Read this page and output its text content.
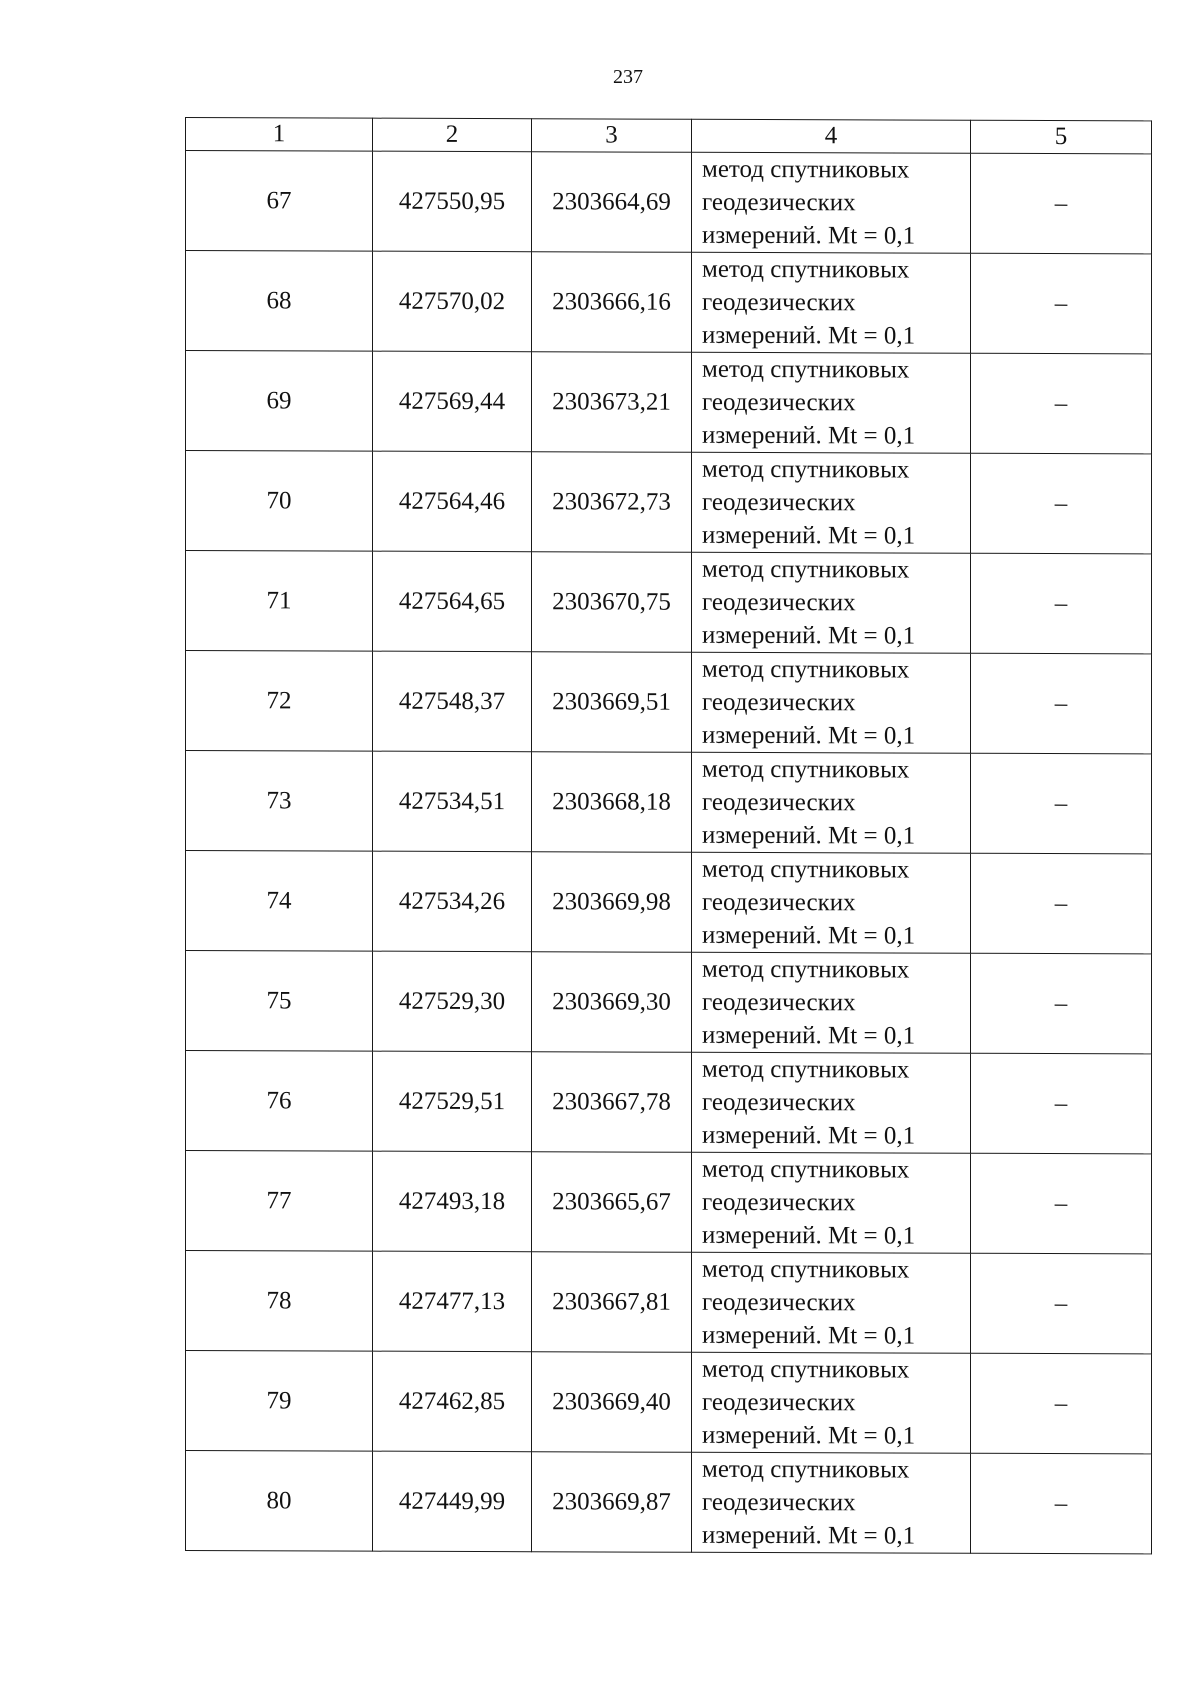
237
1	2	3	4	5
67	427550,95	2303664,69	метод спутниковых
геодезических
измерений. Mt = 0,1	–
68	427570,02	2303666,16	метод спутниковых
геодезических
измерений. Mt = 0,1	–
69	427569,44	2303673,21	метод спутниковых
геодезических
измерений. Mt = 0,1	–
70	427564,46	2303672,73	метод спутниковых
геодезических
измерений. Mt = 0,1	–
71	427564,65	2303670,75	метод спутниковых
геодезических
измерений. Mt = 0,1	–
72	427548,37	2303669,51	метод спутниковых
геодезических
измерений. Mt = 0,1	–
73	427534,51	2303668,18	метод спутниковых
геодезических
измерений. Mt = 0,1	–
74	427534,26	2303669,98	метод спутниковых
геодезических
измерений. Mt = 0,1	–
75	427529,30	2303669,30	метод спутниковых
геодезических
измерений. Mt = 0,1	–
76	427529,51	2303667,78	метод спутниковых
геодезических
измерений. Mt = 0,1	–
77	427493,18	2303665,67	метод спутниковых
геодезических
измерений. Mt = 0,1	–
78	427477,13	2303667,81	метод спутниковых
геодезических
измерений. Mt = 0,1	–
79	427462,85	2303669,40	метод спутниковых
геодезических
измерений. Mt = 0,1	–
80	427449,99	2303669,87	метод спутниковых
геодезических
измерений. Mt = 0,1	–
